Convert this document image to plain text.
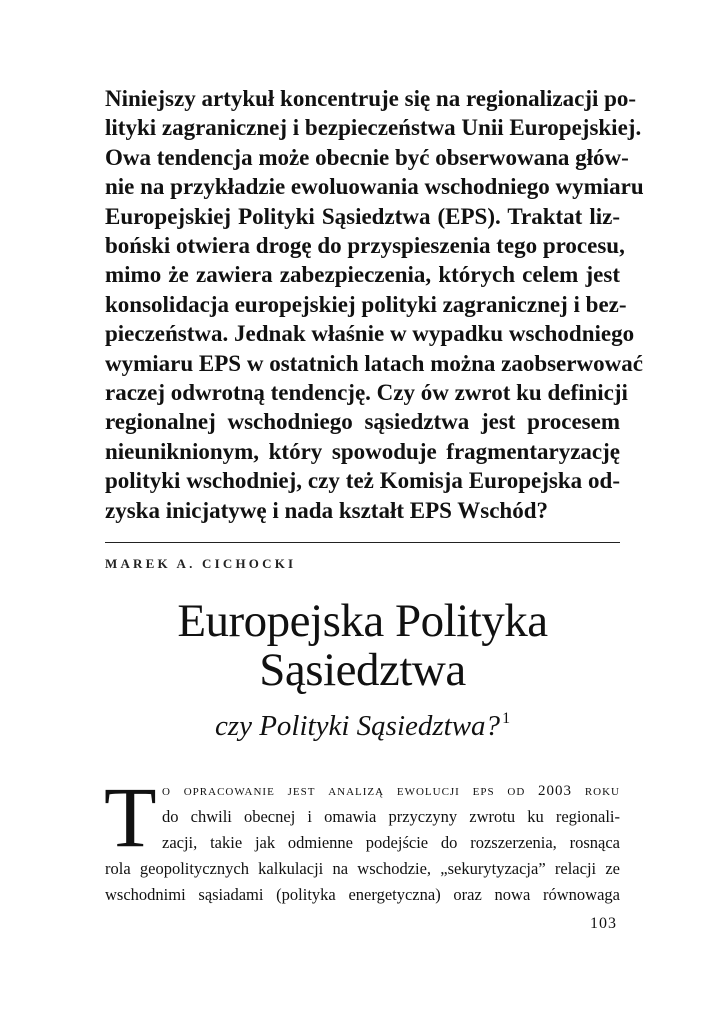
Niniejszy artykuł koncentruje się na regionalizacji po-
lityki zagranicznej i bezpieczeństwa Unii Europejskiej.
Owa tendencja może obecnie być obserwowana głów-
nie na przykładzie ewoluowania wschodniego wymiaru
Europejskiej Polityki Sąsiedztwa (EPS). Traktat liz-
boński otwiera drogę do przyspieszenia tego procesu,
mimo że zawiera zabezpieczenia, których celem jest
konsolidacja europejskiej polityki zagranicznej i bez-
pieczeństwa. Jednak właśnie w wypadku wschodniego
wymiaru EPS w ostatnich latach można zaobserwować
raczej odwrotną tendencję. Czy ów zwrot ku definicji
regionalnej wschodniego sąsiedztwa jest procesem
nieuniknionym, który spowoduje fragmentaryzację
polityki wschodniej, czy też Komisja Europejska od-
zyska inicjatywę i nada kształt EPS Wschód?
MAREK A. CICHOCKI
Europejska Polityka
Sąsiedztwa
czy Polityki Sąsiedztwa? $^1$
T o opracowanie jest analizą ewolucji eps od 2003 roku
do chwili obecnej i omawia przyczyny zwrotu ku regionali-
zacji, takie jak odmienne podejście do rozszerzenia, rosnąca
rola geopolitycznych kalkulacji na wschodzie, „sekurytyzacja” relacji ze
wschodnimi sąsiadami (polityka energetyczna) oraz nowa równowaga
103
